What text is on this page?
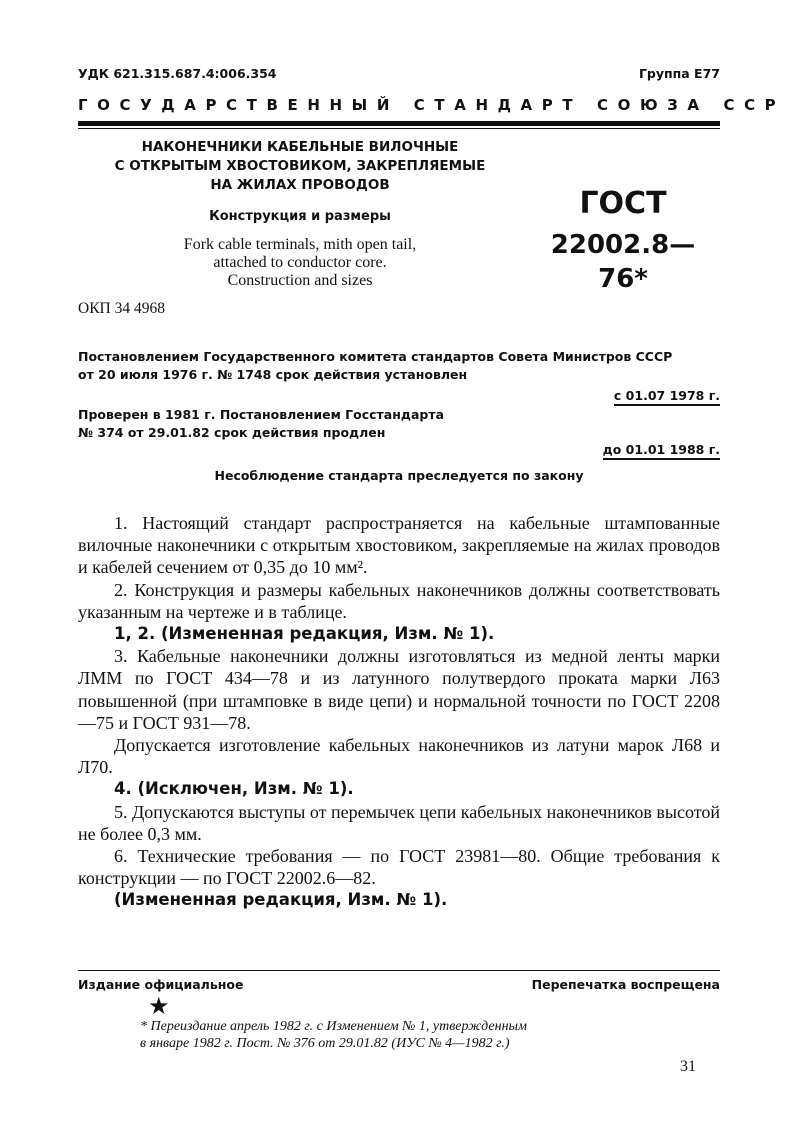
УДК 621.315.687.4:006.354	Группа Е77
ГОСУДАРСТВЕННЫЙ СТАНДАРТ СОЮЗА ССР
НАКОНЕЧНИКИ КАБЕЛЬНЫЕ ВИЛОЧНЫЕ
С ОТКРЫТЫМ ХВОСТОВИКОМ, ЗАКРЕПЛЯЕМЫЕ
НА ЖИЛАХ ПРОВОДОВ
Конструкция и размеры
Fork cable terminals, mith open tail,
attached to conductor core.
Construction and sizes
ГОСТ
22002.8—76*
ОКП 34 4968
Постановлением Государственного комитета стандартов Совета Министров СССР
от 20 июля 1976 г. № 1748 срок действия установлен
с 01.07 1978 г.
Проверен в 1981 г. Постановлением Госстандарта
№ 374 от 29.01.82 срок действия продлен
до 01.01 1988 г.
Несоблюдение стандарта преследуется по закону

1. Настоящий стандарт распространяется на кабельные штампованные вилочные наконечники с открытым хвостовиком, закрепляемые на жилах проводов и кабелей сечением от 0,35 до 10 мм².

2. Конструкция и размеры кабельных наконечников должны соответствовать указанным на чертеже и в таблице.

1, 2. (Измененная редакция, Изм. № 1).

3. Кабельные наконечники должны изготовляться из медной ленты марки ЛММ по ГОСТ 434—78 и из латунного полутвердого проката марки Л63 повышенной (при штамповке в виде цепи) и нормальной точности по ГОСТ 2208—75 и ГОСТ 931—78.

Допускается изготовление кабельных наконечников из латуни марок Л68 и Л70.

4. (Исключен, Изм. № 1).

5. Допускаются выступы от перемычек цепи кабельных наконечников высотой не более 0,3 мм.

6. Технические требования — по ГОСТ 23981—80. Общие требования к конструкции — по ГОСТ 22002.6—82.

(Измененная редакция, Изм. № 1).

Издание официальное	Перепечатка воспрещена
★
* Переиздание апрель 1982 г. с Изменением № 1, утвержденным
в январе 1982 г. Пост. № 376 от 29.01.82 (ИУС № 4—1982 г.)
31
